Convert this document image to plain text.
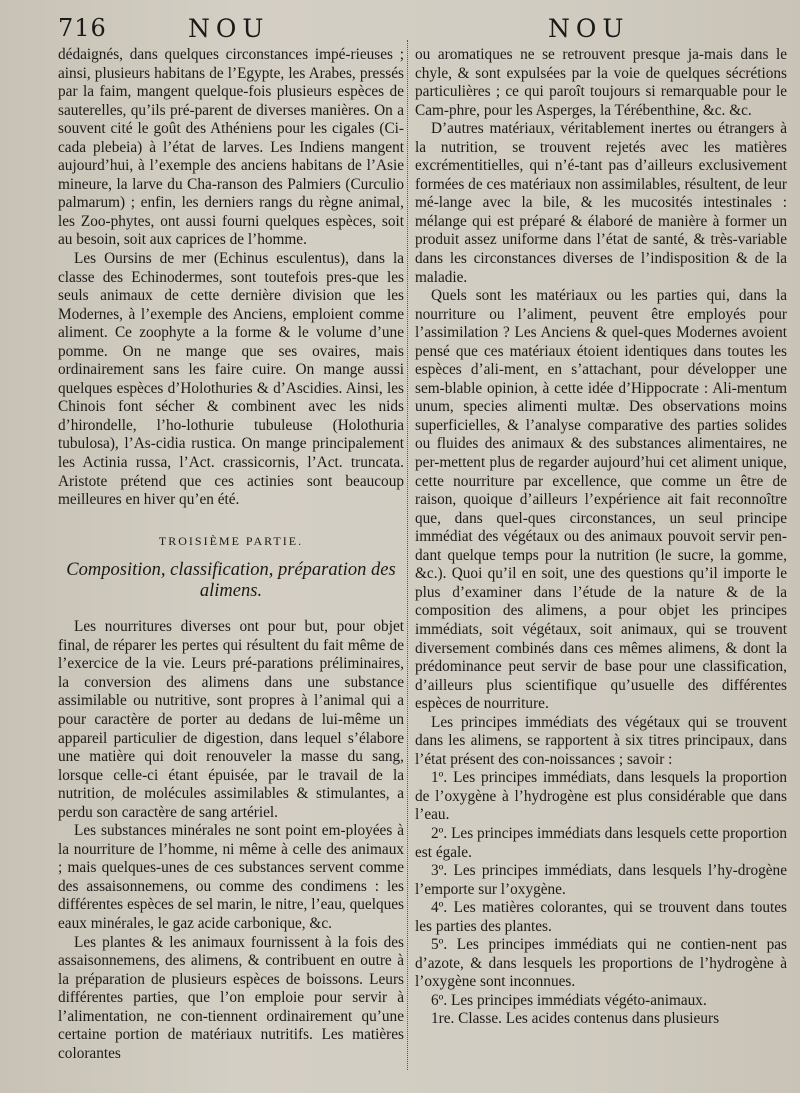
716	NOU	NOU

dédaignés, dans quelques circonstances impé-rieuses ; ainsi, plusieurs habitans de l’Egypte, les Arabes, pressés par la faim, mangent quelque-fois plusieurs espèces de sauterelles, qu’ils pré-parent de diverses manières. On a souvent cité le goût des Athéniens pour les cigales (Ci-cada plebeia) à l’état de larves. Les Indiens mangent aujourd’hui, à l’exemple des anciens habitans de l’Asie mineure, la larve du Cha-ranson des Palmiers (Curculio palmarum) ; enfin, les derniers rangs du règne animal, les Zoo-phytes, ont aussi fourni quelques espèces, soit au besoin, soit aux caprices de l’homme.

Les Oursins de mer (Echinus esculentus), dans la classe des Echinodermes, sont toutefois pres-que les seuls animaux de cette dernière division que les Modernes, à l’exemple des Anciens, emploient comme aliment. Ce zoophyte a la forme & le volume d’une pomme. On ne mange que ses ovaires, mais ordinairement sans les faire cuire. On mange aussi quelques espèces d’Holothuries & d’Ascidies. Ainsi, les Chinois font sécher & combinent avec les nids d’hirondelle, l’ho-lothurie tubuleuse (Holothuria tubulosa), l’As-cidia rustica. On mange principalement les Actinia russa, l’Act. crassicornis, l’Act. truncata. Aristote prétend que ces actinies sont beaucoup meilleures en hiver qu’en été.

TROISIÈME PARTIE.
Composition, classification, préparation des alimens.

Les nourritures diverses ont pour but, pour objet final, de réparer les pertes qui résultent du fait même de l’exercice de la vie. Leurs pré-parations préliminaires, la conversion des alimens dans une substance assimilable ou nutritive, sont propres à l’animal qui a pour caractère de porter au dedans de lui-même un appareil particulier de digestion, dans lequel s’élabore une matière qui doit renouveler la masse du sang, lorsque celle-ci étant épuisée, par le travail de la nutrition, de molécules assimilables & stimulantes, a perdu son caractère de sang artériel.

Les substances minérales ne sont point em-ployées à la nourriture de l’homme, ni même à celle des animaux ; mais quelques-unes de ces substances servent comme des assaisonnemens, ou comme des condimens : les différentes espèces de sel marin, le nitre, l’eau, quelques eaux minérales, le gaz acide carbonique, &c.

Les plantes & les animaux fournissent à la fois des assaisonnemens, des alimens, & contribuent en outre à la préparation de plusieurs espèces de boissons. Leurs différentes parties, que l’on emploie pour servir à l’alimentation, ne con-tiennent ordinairement qu’une certaine portion de matériaux nutritifs. Les matières colorantes

ou aromatiques ne se retrouvent presque ja-mais dans le chyle, & sont expulsées par la voie de quelques sécrétions particulières ; ce qui paroît toujours si remarquable pour le Cam-phre, pour les Asperges, la Térébenthine, &c. &c.

D’autres matériaux, véritablement inertes ou étrangers à la nutrition, se trouvent rejetés avec les matières excrémentitielles, qui n’é-tant pas d’ailleurs exclusivement formées de ces matériaux non assimilables, résultent, de leur mé-lange avec la bile, & les mucosités intestinales : mélange qui est préparé & élaboré de manière à former un produit assez uniforme dans l’état de santé, & très-variable dans les circonstances diverses de l’indisposition & de la maladie.

Quels sont les matériaux ou les parties qui, dans la nourriture ou l’aliment, peuvent être employés pour l’assimilation ? Les Anciens & quel-ques Modernes avoient pensé que ces matériaux étoient identiques dans toutes les espèces d’ali-ment, en s’attachant, pour développer une sem-blable opinion, à cette idée d’Hippocrate : Ali-mentum unum, species alimenti multæ. Des observations moins superficielles, & l’analyse comparative des parties solides ou fluides des animaux & des substances alimentaires, ne per-mettent plus de regarder aujourd’hui cet aliment unique, cette nourriture par excellence, que comme un être de raison, quoique d’ailleurs l’expérience ait fait reconnoître que, dans quel-ques circonstances, un seul principe immédiat des végétaux ou des animaux pouvoit servir pen-dant quelque temps pour la nutrition (le sucre, la gomme, &c.). Quoi qu’il en soit, une des questions qu’il importe le plus d’examiner dans l’étude de la nature & de la composition des alimens, a pour objet les principes immédiats, soit végétaux, soit animaux, qui se trouvent diversement combinés dans ces mêmes alimens, & dont la prédominance peut servir de base pour une classification, d’ailleurs plus scientifique qu’usuelle des différentes espèces de nourriture.

Les principes immédiats des végétaux qui se trouvent dans les alimens, se rapportent à six titres principaux, dans l’état présent des con-noissances ; savoir :

1º. Les principes immédiats, dans lesquels la proportion de l’oxygène à l’hydrogène est plus considérable que dans l’eau.

2º. Les principes immédiats dans lesquels cette proportion est égale.

3º. Les principes immédiats, dans lesquels l’hy-drogène l’emporte sur l’oxygène.

4º. Les matières colorantes, qui se trouvent dans toutes les parties des plantes.

5º. Les principes immédiats qui ne contien-nent pas d’azote, & dans lesquels les proportions de l’hydrogène à l’oxygène sont inconnues.

6º. Les principes immédiats végéto-animaux.

1re. Classe. Les acides contenus dans plusieurs
